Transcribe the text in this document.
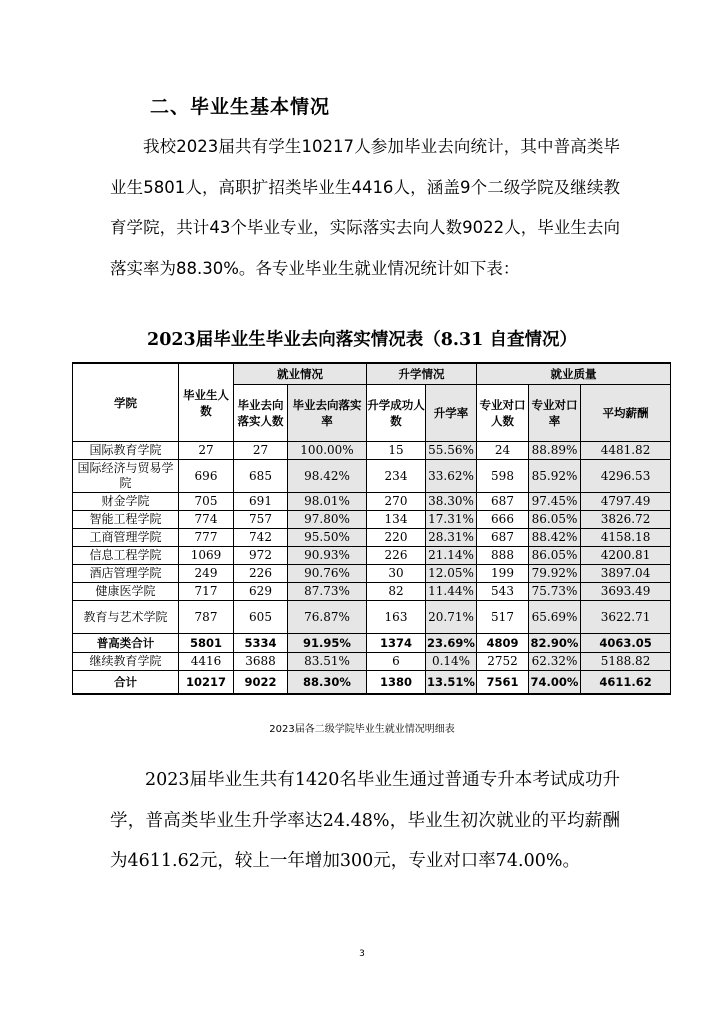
二、毕业生基本情况

我校2023届共有学生10217人参加毕业去向统计，其中普高类毕业生5801人，高职扩招类毕业生4416人，涵盖9个二级学院及继续教育学院，共计43个毕业专业，实际落实去向人数9022人，毕业生去向落实率为88.30%。各专业毕业生就业情况统计如下表：

2023届毕业生毕业去向落实情况表（8.31 自查情况）
学院	毕业生人数	就业情况		升学情况		就业质量		
		毕业去向落实人数	毕业去向落实率	升学成功人数	升学率	专业对口人数	专业对口率	平均薪酬
国际教育学院	27	27	100.00%	15	55.56%	24	88.89%	4481.82
国际经济与贸易学院	696	685	98.42%	234	33.62%	598	85.92%	4296.53
财金学院	705	691	98.01%	270	38.30%	687	97.45%	4797.49
智能工程学院	774	757	97.80%	134	17.31%	666	86.05%	3826.72
工商管理学院	777	742	95.50%	220	28.31%	687	88.42%	4158.18
信息工程学院	1069	972	90.93%	226	21.14%	888	86.05%	4200.81
酒店管理学院	249	226	90.76%	30	12.05%	199	79.92%	3897.04
健康医学院	717	629	87.73%	82	11.44%	543	75.73%	3693.49
教育与艺术学院	787	605	76.87%	163	20.71%	517	65.69%	3622.71
普高类合计	5801	5334	91.95%	1374	23.69%	4809	82.90%	4063.05
继续教育学院	4416	3688	83.51%	6	0.14%	2752	62.32%	5188.82
合计	10217	9022	88.30%	1380	13.51%	7561	74.00%	4611.62
2023届各二级学院毕业生就业情况明细表

2023届毕业生共有1420名毕业生通过普通专升本考试成功升学，普高类毕业生升学率达24.48%，毕业生初次就业的平均薪酬为4611.62元，较上一年增加300元，专业对口率74.00%。

3
